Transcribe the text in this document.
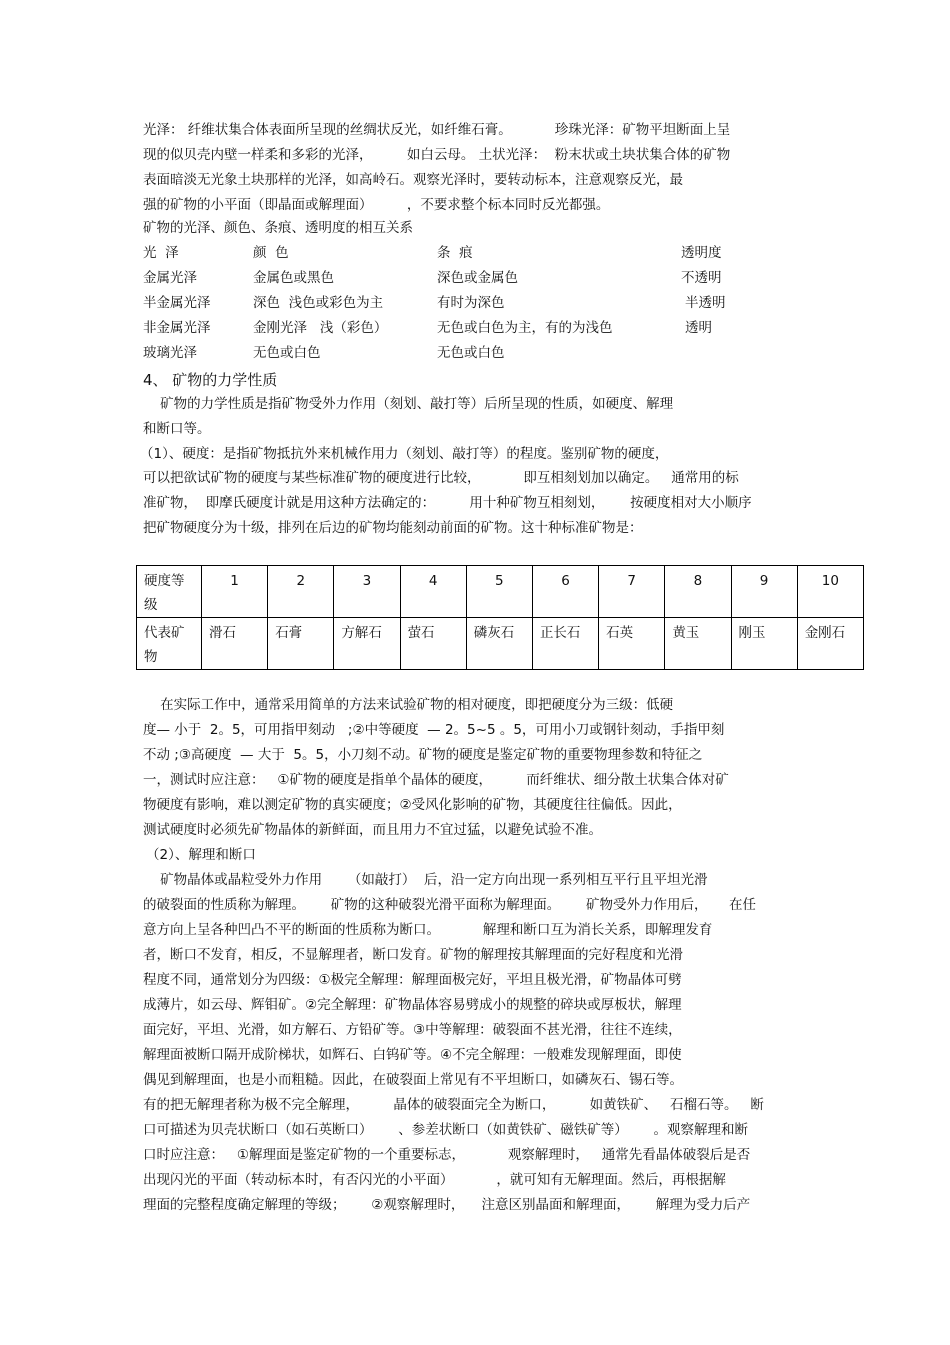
光泽： 纤维状集合体表面所呈现的丝绸状反光，如纤维石膏。          珍珠光泽：矿物平坦断面上呈
现的似贝壳内壁一样柔和多彩的光泽，        如白云母。 土状光泽：  粉末状或土块状集合体的矿物
表面暗淡无光象土块那样的光泽，如高岭石。观察光泽时，要转动标本，注意观察反光，最
强的矿物的小平面（即晶面或解理面）        ，不要求整个标本同时反光都强。
矿物的光泽、颜色、条痕、透明度的相互关系
光  泽	颜  色	条  痕	透明度
金属光泽	金属色或黑色	深色或金属色	不透明
半金属光泽	深色  浅色或彩色为主	有时为深色	半透明
非金属光泽	金刚光泽   浅（彩色）	无色或白色为主，有的为浅色	透明
玻璃光泽	无色或白色	无色或白色
4、 矿物的力学性质
矿物的力学性质是指矿物受外力作用（刻划、敲打等）后所呈现的性质，如硬度、解理
和断口等。
（1）、硬度：是指矿物抵抗外来机械作用力（刻划、敲打等）的程度。鉴别矿物的硬度，
可以把欲试矿物的硬度与某些标准矿物的硬度进行比较，          即互相刻划加以确定。   通常用的标
准矿物，  即摩氏硬度计就是用这种方法确定的：        用十种矿物互相刻划，      按硬度相对大小顺序
把矿物硬度分为十级，排列在后边的矿物均能刻动前面的矿物。这十种标准矿物是：
硬度等级	1	2	3	4	5	6	7	8	9	10
代表矿物	滑石	石膏	方解石	萤石	磷灰石	正长石	石英	黄玉	刚玉	金刚石
在实际工作中，通常采用简单的方法来试验矿物的相对硬度，即把硬度分为三级：低硬
度— 小于  2。5，可用指甲刻动   ;②中等硬度  — 2。5~5 。5，可用小刀或钢针刻动，手指甲刻
不动 ;③高硬度  — 大于  5。5，小刀刻不动。矿物的硬度是鉴定矿物的重要物理参数和特征之
一，测试时应注意：   ①矿物的硬度是指单个晶体的硬度，        而纤维状、细分散土状集合体对矿
物硬度有影响，难以测定矿物的真实硬度；②受风化影响的矿物，其硬度往往偏低。因此，
测试硬度时必须先矿物晶体的新鲜面，而且用力不宜过猛，以避免试验不准。
（2）、解理和断口
矿物晶体或晶粒受外力作用      （如敲打）  后，沿一定方向出现一系列相互平行且平坦光滑
的破裂面的性质称为解理。      矿物的这种破裂光滑平面称为解理面。      矿物受外力作用后，     在任
意方向上呈各种凹凸不平的断面的性质称为断口。          解理和断口互为消长关系，即解理发育
者，断口不发育，相反，不显解理者，断口发育。矿物的解理按其解理面的完好程度和光滑
程度不同，通常划分为四级：①极完全解理：解理面极完好，平坦且极光滑，矿物晶体可劈
成薄片，如云母、辉钼矿。②完全解理：矿物晶体容易劈成小的规整的碎块或厚板状，解理
面完好，平坦、光滑，如方解石、方铅矿等。③中等解理：破裂面不甚光滑，往往不连续，
解理面被断口隔开成阶梯状，如辉石、白钨矿等。④不完全解理：一般难发现解理面，即使
偶见到解理面，也是小而粗糙。因此，在破裂面上常见有不平坦断口，如磷灰石、锡石等。
有的把无解理者称为极不完全解理，        晶体的破裂面完全为断口，        如黄铁矿、   石榴石等。   断
口可描述为贝壳状断口（如石英断口）      、参差状断口（如黄铁矿、磁铁矿等）      。观察解理和断
口时应注意：   ①解理面是鉴定矿物的一个重要标志，          观察解理时，   通常先看晶体破裂后是否
出现闪光的平面（转动标本时，有否闪光的小平面）          ，就可知有无解理面。然后，再根据解
理面的完整程度确定解理的等级；      ②观察解理时，    注意区别晶面和解理面，      解理为受力后产
